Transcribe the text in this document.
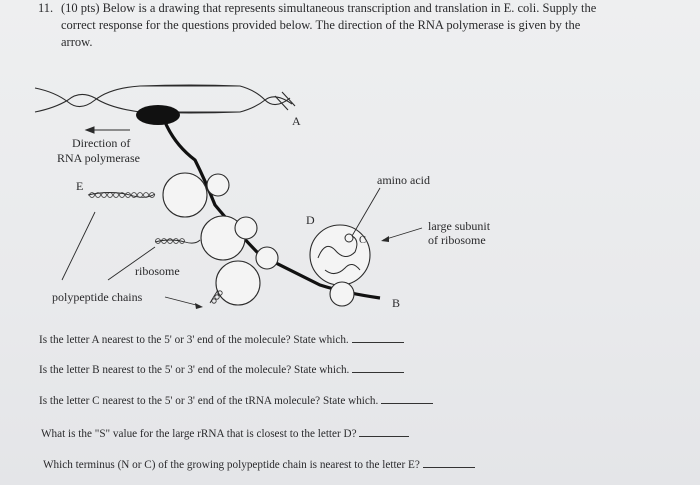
11. (10 pts) Below is a drawing that represents simultaneous transcription and translation in E. coli. Supply the
correct response for the questions provided below. The direction of the RNA polymerase is given by the
arrow.
A
Direction of
RNA polymerase
E	amino acid
D
C
large subunit
of ribosome
ribosome
polypeptide chains	B
Is the letter A nearest to the 5' or 3' end of the molecule? State which.
Is the letter B nearest to the 5' or 3' end of the molecule? State which.
Is the letter C nearest to the 5' or 3' end of the tRNA molecule? State which.
What is the "S" value for the large rRNA that is closest to the letter D?
Which terminus (N or C) of the growing polypeptide chain is nearest to the letter E?
